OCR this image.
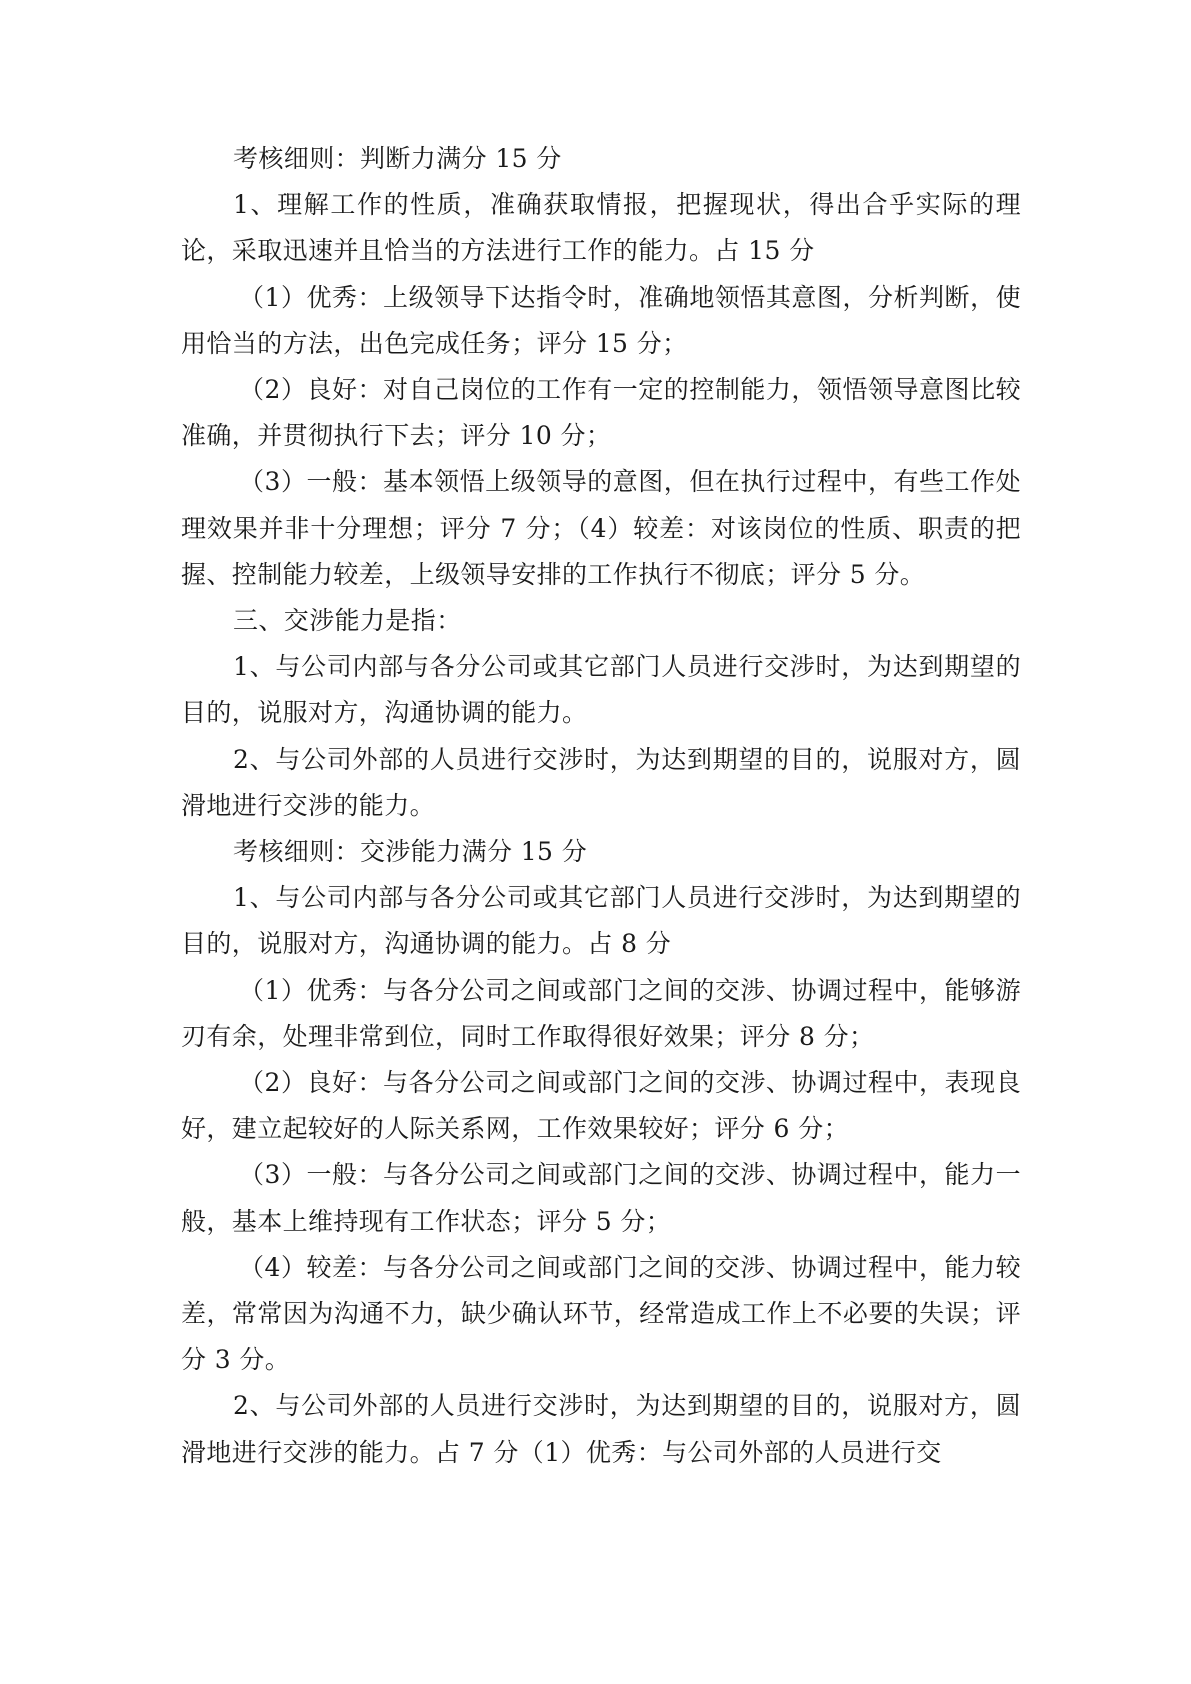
考核细则：判断力满分 15 分

1、理解工作的性质，准确获取情报，把握现状，得出合乎实际的理论，采取迅速并且恰当的方法进行工作的能力。占 15 分

（1）优秀：上级领导下达指令时，准确地领悟其意图，分析判断，使用恰当的方法，出色完成任务；评分 15 分；

（2）良好：对自己岗位的工作有一定的控制能力，领悟领导意图比较准确，并贯彻执行下去；评分 10 分；

（3）一般：基本领悟上级领导的意图，但在执行过程中，有些工作处理效果并非十分理想；评分 7 分；（4）较差：对该岗位的性质、职责的把握、控制能力较差，上级领导安排的工作执行不彻底；评分 5 分。

三、交涉能力是指：

1、与公司内部与各分公司或其它部门人员进行交涉时，为达到期望的目的，说服对方，沟通协调的能力。

2、与公司外部的人员进行交涉时，为达到期望的目的，说服对方，圆滑地进行交涉的能力。

考核细则：交涉能力满分 15 分

1、与公司内部与各分公司或其它部门人员进行交涉时，为达到期望的目的，说服对方，沟通协调的能力。占 8 分

（1）优秀：与各分公司之间或部门之间的交涉、协调过程中，能够游刃有余，处理非常到位，同时工作取得很好效果；评分 8 分；

（2）良好：与各分公司之间或部门之间的交涉、协调过程中，表现良好，建立起较好的人际关系网，工作效果较好；评分 6 分；

（3）一般：与各分公司之间或部门之间的交涉、协调过程中，能力一般，基本上维持现有工作状态；评分 5 分；

（4）较差：与各分公司之间或部门之间的交涉、协调过程中，能力较差，常常因为沟通不力，缺少确认环节，经常造成工作上不必要的失误；评分 3 分。

2、与公司外部的人员进行交涉时，为达到期望的目的，说服对方，圆滑地进行交涉的能力。占 7 分（1）优秀：与公司外部的人员进行交
